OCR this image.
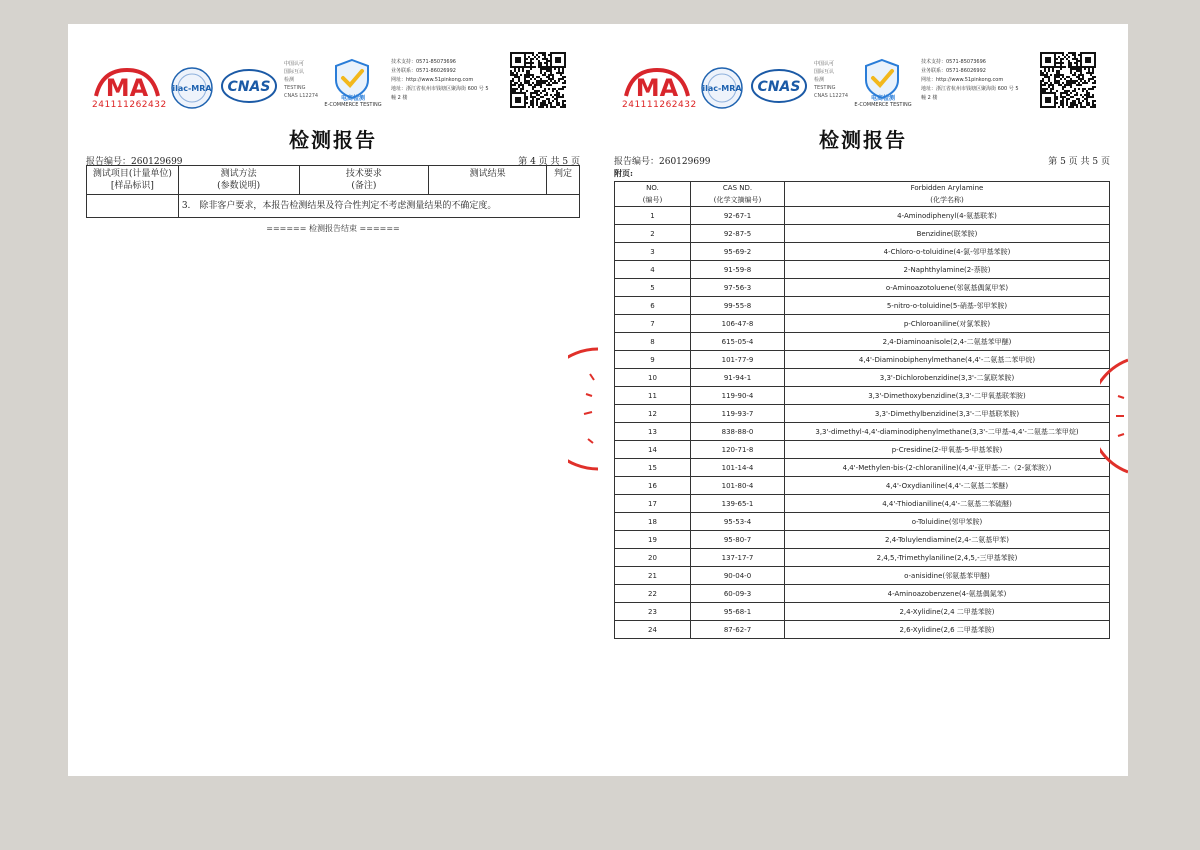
MA
241111262432
ilac-MRA CNAS
中国认可
国际互认
检测
TESTING
CNAS L12274	电商检测
E-COMMERCE TESTING
技术支持：0571-85073696
业务联系：0571-86026992
网址：http://www.51pinkong.com
地址：浙江省杭州市钱塘区聚海街 600 号 5
幢 2 楼
检测报告
报告编号：260129699	第 4 页 共 5 页
测试项目(计量单位)
[样品标识]	测试方法
(参数说明)	技术要求
(备注)	测试结果	判定
	3.　除非客户要求，本报告检测结果及符合性判定不考虑测量结果的不确定度。			
====== 检测报告结束 ======
MA
241111262432
ilac-MRA CNAS
中国认可
国际互认
检测
TESTING
CNAS L12274	电商检测
E-COMMERCE TESTING
技术支持：0571-85073696
业务联系：0571-86026992
网址：http://www.51pinkong.com
地址：浙江省杭州市钱塘区聚海街 600 号 5
幢 2 楼
检测报告
报告编号：260129699	第 5 页 共 5 页
附页:
NO.
(编号)	CAS ND.
(化学文摘编号)	Forbidden Arylamine
(化学名称)
1	92-67-1	4-Aminodiphenyl(4-氨基联苯)
2	92-87-5	Benzidine(联苯胺)
3	95-69-2	4-Chloro-o-toluidine(4-氯-邻甲基苯胺)
4	91-59-8	2-Naphthylamine(2-萘胺)
5	97-56-3	o-Aminoazotoluene(邻氨基偶氮甲苯)
6	99-55-8	5-nitro-o-toluidine(5-硝基-邻甲苯胺)
7	106-47-8	p-Chloroaniline(对氯苯胺)
8	615-05-4	2,4-Diaminoanisole(2,4-二氨基苯甲醚)
9	101-77-9	4,4'-Diaminobiphenylmethane(4,4'-二氨基二苯甲烷)
10	91-94-1	3,3'-Dichlorobenzidine(3,3'-二氯联苯胺)
11	119-90-4	3,3'-Dimethoxybenzidine(3,3'-二甲氧基联苯胺)
12	119-93-7	3,3'-Dimethylbenzidine(3,3'-二甲基联苯胺)
13	838-88-0	3,3'-dimethyl-4,4'-diaminodiphenylmethane(3,3'-二甲基-4,4'-二氨基二苯甲烷)
14	120-71-8	p-Cresidine(2-甲氧基-5-甲基苯胺)
15	101-14-4	4,4'-Methylen-bis-(2-chloraniline)(4,4'-亚甲基-二-（2-氯苯胺）)
16	101-80-4	4,4'-Oxydianiline(4,4'-二氨基二苯醚)
17	139-65-1	4,4'-Thiodianiline(4,4'-二氨基二苯硫醚)
18	95-53-4	o-Toluidine(邻甲苯胺)
19	95-80-7	2,4-Toluylendiamine(2,4-二氨基甲苯)
20	137-17-7	2,4,5,-Trimethylaniline(2,4,5,-三甲基苯胺)
21	90-04-0	o-anisidine(邻氨基苯甲醚)
22	60-09-3	4-Aminoazobenzene(4-氨基偶氮苯)
23	95-68-1	2,4-Xylidine(2,4 二甲基苯胺)
24	87-62-7	2,6-Xylidine(2,6 二甲基苯胺)
